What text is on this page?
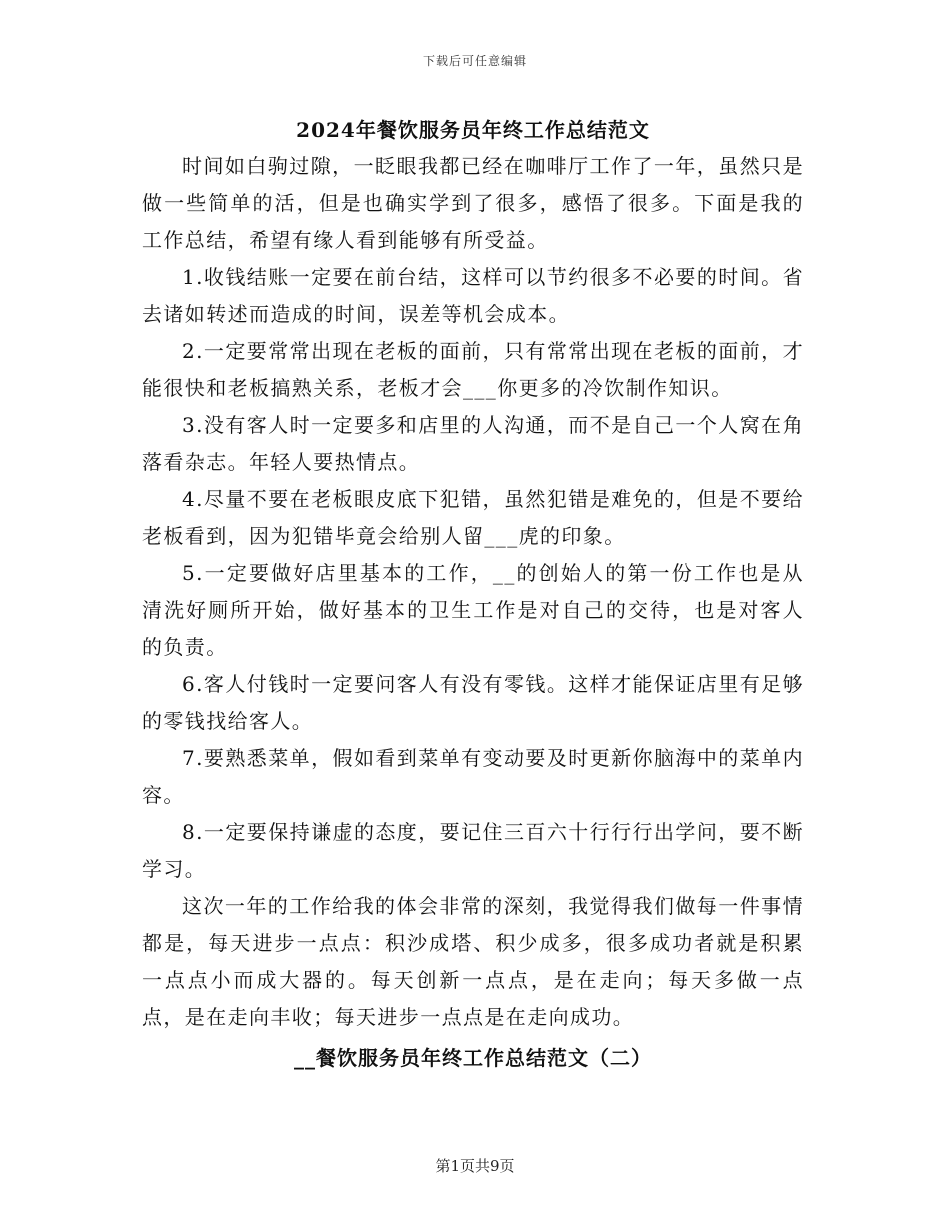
下载后可任意编辑
2024年餐饮服务员年终工作总结范文

时间如白驹过隙，一眨眼我都已经在咖啡厅工作了一年，虽然只是做一些简单的活，但是也确实学到了很多，感悟了很多。下面是我的工作总结，希望有缘人看到能够有所受益。

1.收钱结账一定要在前台结，这样可以节约很多不必要的时间。省去诸如转述而造成的时间，误差等机会成本。

2.一定要常常出现在老板的面前，只有常常出现在老板的面前，才能很快和老板搞熟关系，老板才会___你更多的冷饮制作知识。

3.没有客人时一定要多和店里的人沟通，而不是自己一个人窝在角落看杂志。年轻人要热情点。

4.尽量不要在老板眼皮底下犯错，虽然犯错是难免的，但是不要给老板看到，因为犯错毕竟会给别人留___虎的印象。

5.一定要做好店里基本的工作，__的创始人的第一份工作也是从清洗好厕所开始，做好基本的卫生工作是对自己的交待，也是对客人的负责。

6.客人付钱时一定要问客人有没有零钱。这样才能保证店里有足够的零钱找给客人。

7.要熟悉菜单，假如看到菜单有变动要及时更新你脑海中的菜单内容。

8.一定要保持谦虚的态度，要记住三百六十行行行出学问，要不断学习。

这次一年的工作给我的体会非常的深刻，我觉得我们做每一件事情都是，每天进步一点点：积沙成塔、积少成多，很多成功者就是积累一点点小而成大器的。每天创新一点点，是在走向；每天多做一点点，是在走向丰收；每天进步一点点是在走向成功。

__餐饮服务员年终工作总结范文（二）
第1页共9页
